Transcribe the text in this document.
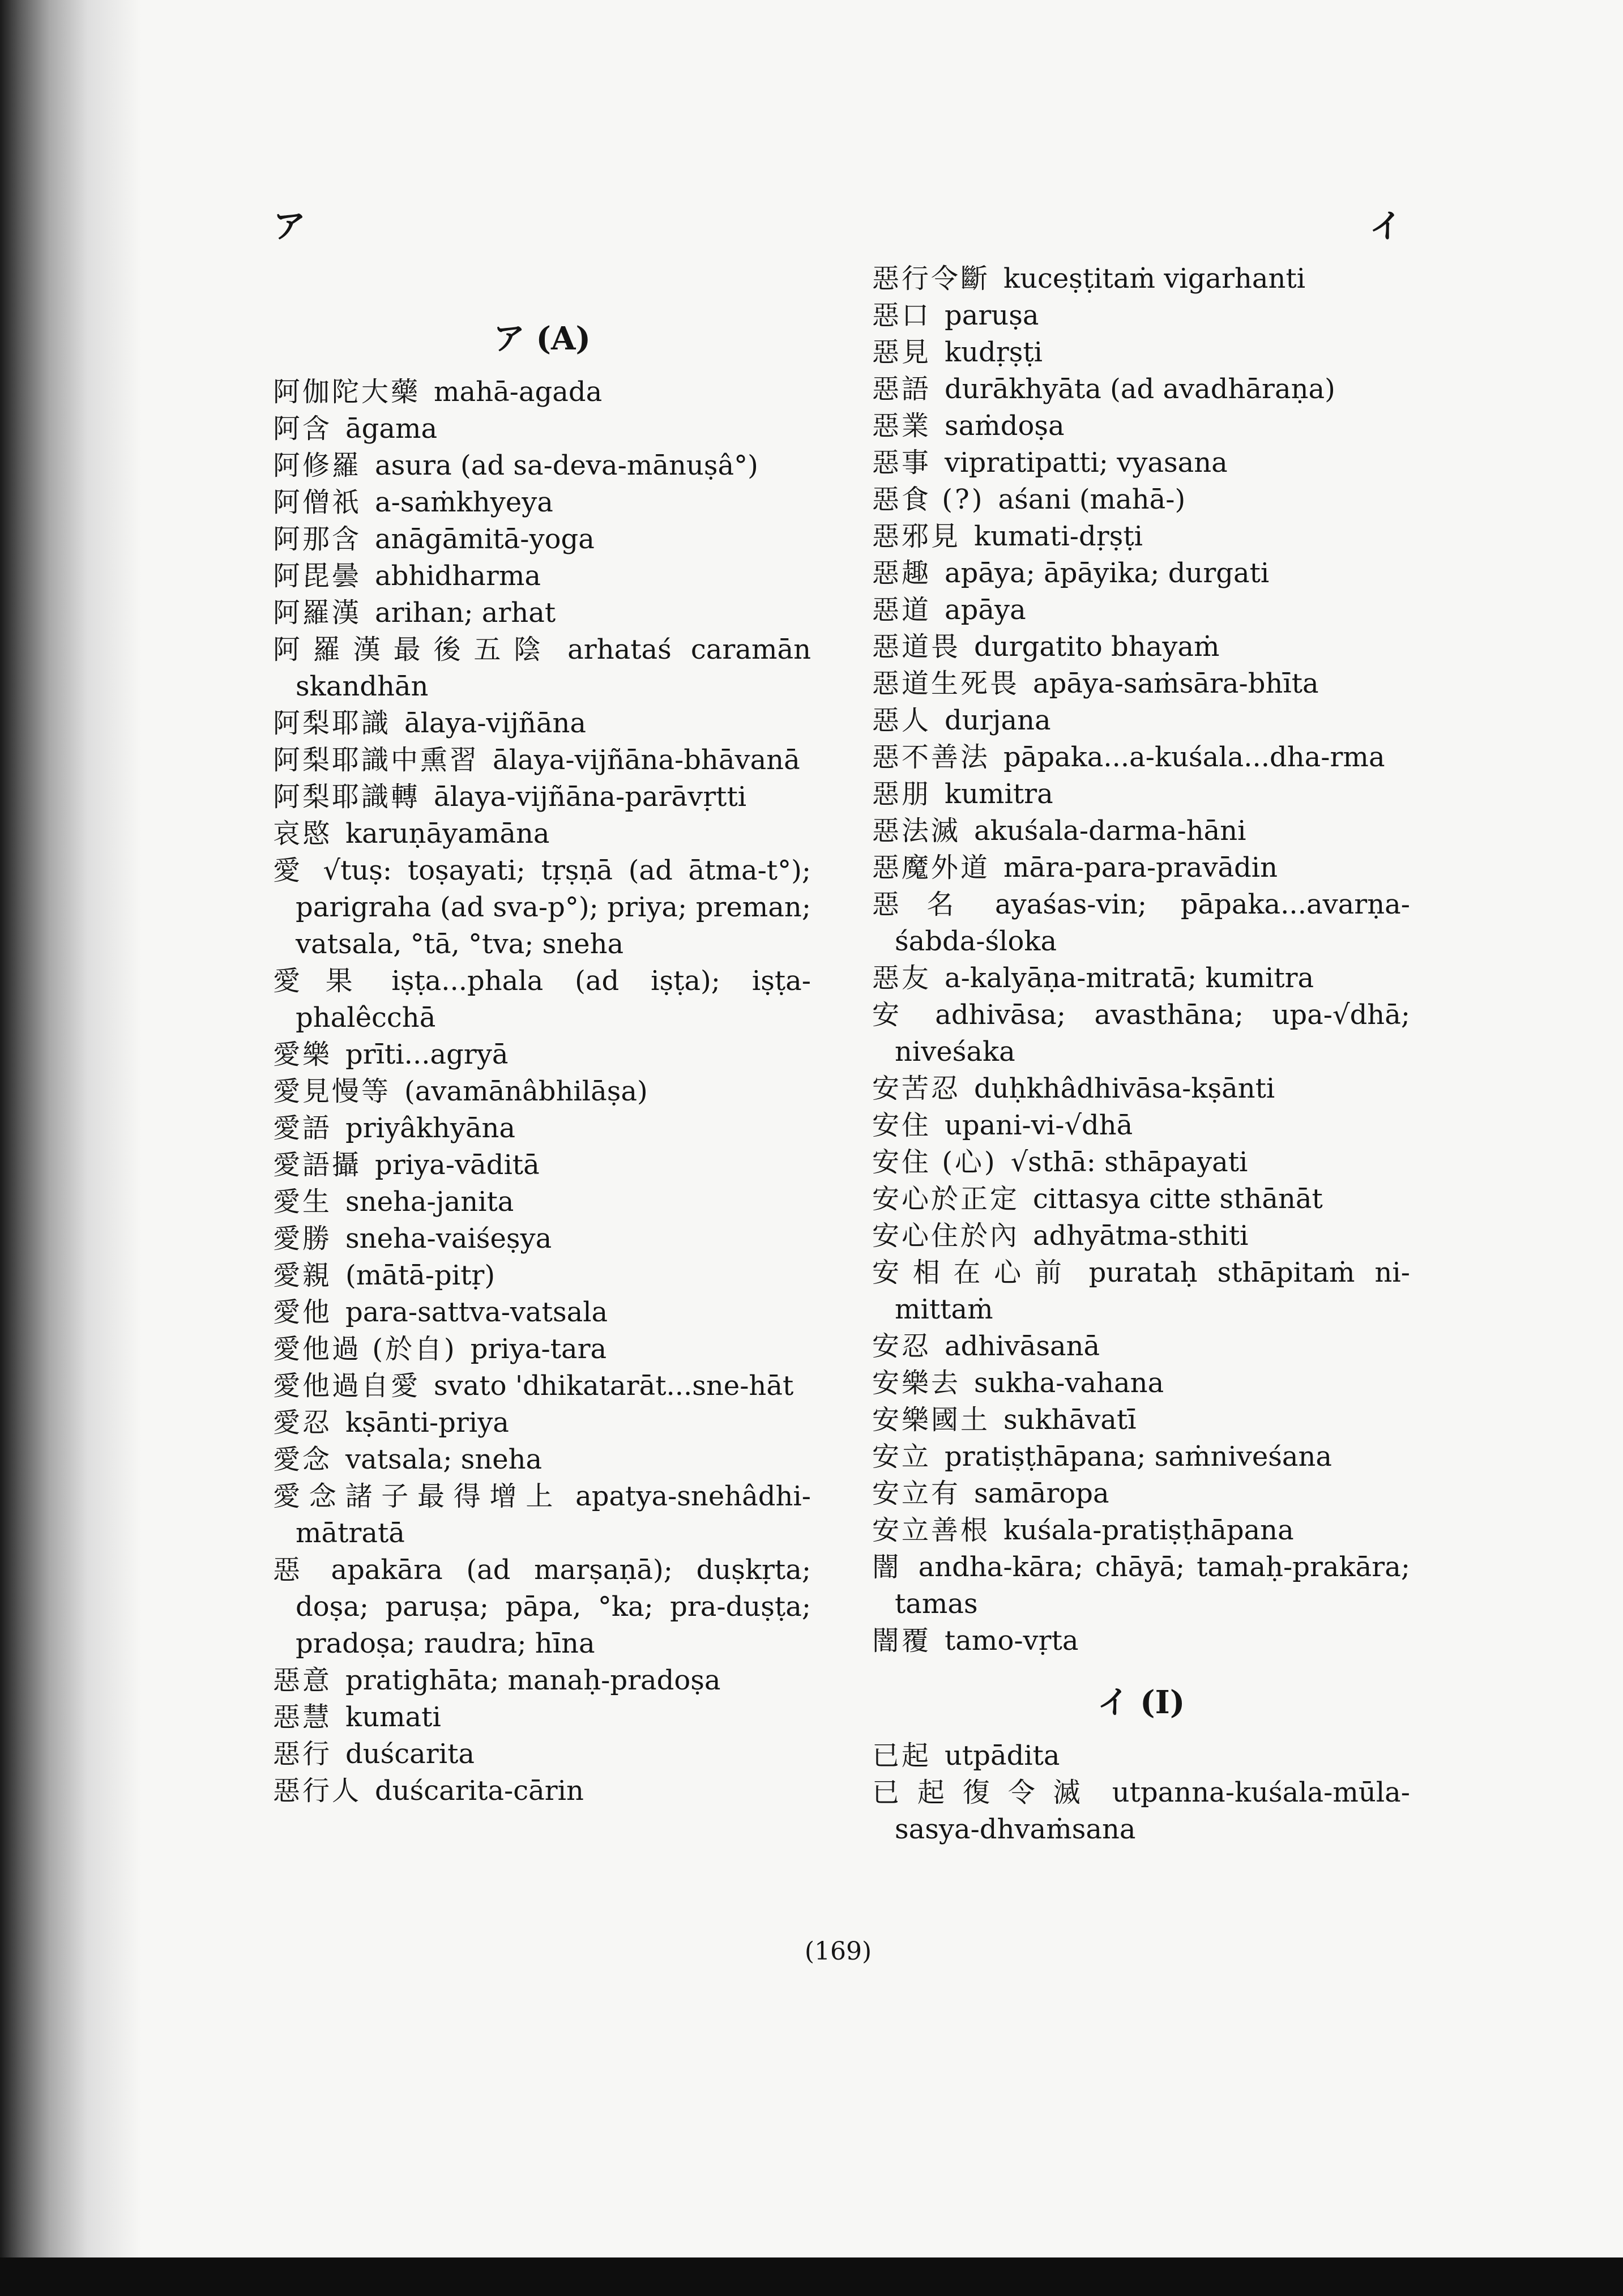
ア	イ
ア (A)
阿伽陀大藥 mahā-agada
阿含 āgama
阿修羅 asura (ad sa-deva-mānuṣâ°)
阿僧祇 a-saṁkhyeya
阿那含 anāgāmitā-yoga
阿毘曇 abhidharma
阿羅漢 arihan; arhat
阿羅漢最後五陰 arhataś caramān skandhān
阿梨耶識 ālaya-vijñāna
阿梨耶識中熏習 ālaya-vijñāna-bhāvanā
阿梨耶識轉 ālaya-vijñāna-parāvṛtti
哀愍 karuṇāyamāna
愛 √tuṣ: toṣayati; tṛṣṇā (ad ātma-t°); parigraha (ad sva-p°); priya; preman; vatsala, °tā, °tva; sneha
愛果 iṣṭa...phala (ad iṣṭa); iṣṭa-phalêcchā
愛樂 prīti...agryā
愛見慢等 (avamānâbhilāṣa)
愛語 priyâkhyāna
愛語攝 priya-vāditā
愛生 sneha-janita
愛勝 sneha-vaiśeṣya
愛親 (mātā-pitṛ)
愛他 para-sattva-vatsala
愛他過 (於自) priya-tara
愛他過自愛 svato 'dhikatarāt...sne-hāt
愛忍 kṣānti-priya
愛念 vatsala; sneha
愛念諸子最得增上 apatya-snehâdhi-mātratā
惡 apakāra (ad marṣaṇā); duṣkṛta; doṣa; paruṣa; pāpa, °ka; pra-duṣṭa; pradoṣa; raudra; hīna
惡意 pratighāta; manaḥ-pradoṣa
惡慧 kumati
惡行 duścarita
惡行人 duścarita-cārin
惡行令斷 kuceṣṭitaṁ vigarhanti
惡口 paruṣa
惡見 kudṛṣṭi
惡語 durākhyāta (ad avadhāraṇa)
惡業 saṁdoṣa
惡事 vipratipatti; vyasana
惡食 (?) aśani (mahā-)
惡邪見 kumati-dṛṣṭi
惡趣 apāya; āpāyika; durgati
惡道 apāya
惡道畏 durgatito bhayaṁ
惡道生死畏 apāya-saṁsāra-bhīta
惡人 durjana
惡不善法 pāpaka...a-kuśala...dha-rma
惡朋 kumitra
惡法滅 akuśala-darma-hāni
惡魔外道 māra-para-pravādin
惡名 ayaśas-vin; pāpaka...avarṇa-śabda-śloka
惡友 a-kalyāṇa-mitratā; kumitra
安 adhivāsa; avasthāna; upa-√dhā; niveśaka
安苦忍 duḥkhâdhivāsa-kṣānti
安住 upani-vi-√dhā
安住 (心) √sthā: sthāpayati
安心於正定 cittasya citte sthānāt
安心住於內 adhyātma-sthiti
安相在心前 purataḥ sthāpitaṁ ni-mittaṁ
安忍 adhivāsanā
安樂去 sukha-vahana
安樂國土 sukhāvatī
安立 pratiṣṭhāpana; saṁniveśana
安立有 samāropa
安立善根 kuśala-pratiṣṭhāpana
闇 andha-kāra; chāyā; tamaḥ-prakāra; tamas
闇覆 tamo-vṛta
イ (I)
已起 utpādita
已起復令滅 utpanna-kuśala-mūla-sasya-dhvaṁsana
(169)
